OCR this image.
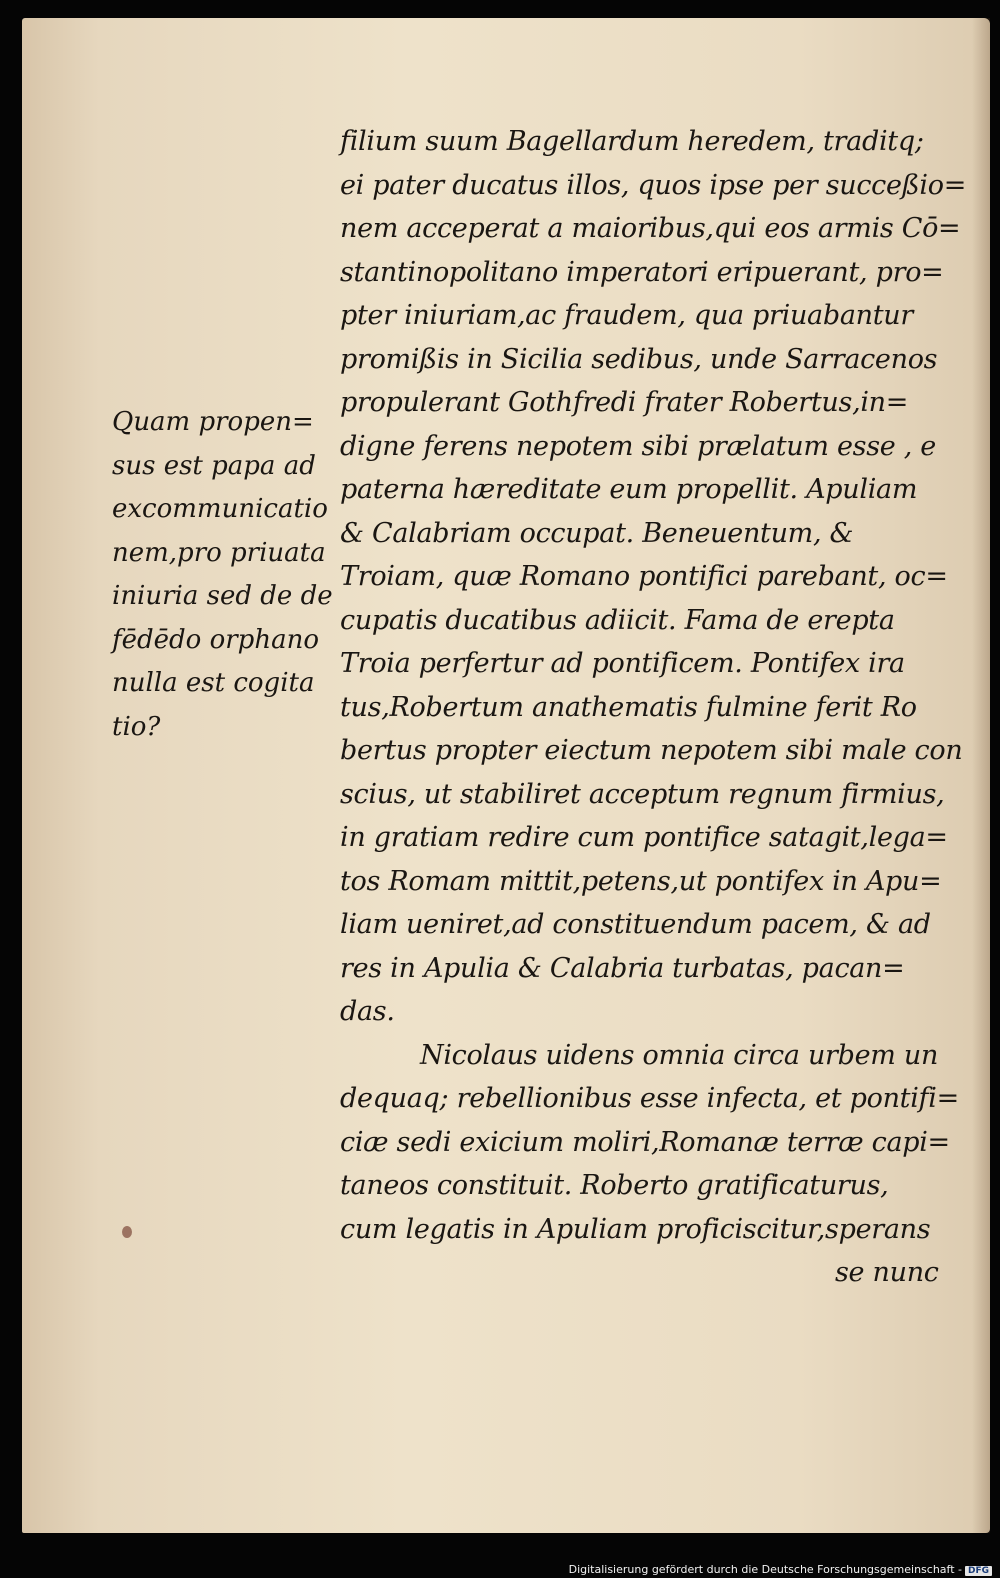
Quam propen=
sus est papa ad
excommunicatio
nem,pro priuata
iniuria sed de de
fēdēdo orphano
nulla est cogita
tio?
filium suum Bagellardum heredem, traditq;
ei pater ducatus illos, quos ipse per succeßio=
nem acceperat a maioribus,qui eos armis Cō=
stantinopolitano imperatori eripuerant, pro=
pter iniuriam,ac fraudem, qua priuabantur
promißis in Sicilia sedibus, unde Sarracenos
propulerant Gothfredi frater Robertus,in=
digne ferens nepotem sibi prælatum esse , e
paterna hæreditate eum propellit. Apuliam
& Calabriam occupat. Beneuentum, &
Troiam, quæ Romano pontifici parebant, oc=
cupatis ducatibus adiicit. Fama de erepta
Troia perfertur ad pontificem. Pontifex ira
tus,Robertum anathematis fulmine ferit Ro
bertus propter eiectum nepotem sibi male con
scius, ut stabiliret acceptum regnum firmius,
in gratiam redire cum pontifice satagit,lega=
tos Romam mittit,petens,ut pontifex in Apu=
liam ueniret,ad constituendum pacem, & ad
res in Apulia & Calabria turbatas, pacan=
das.
Nicolaus uidens omnia circa urbem un
dequaq; rebellionibus esse infecta, et pontifi=
ciæ sedi exicium moliri,Romanæ terræ capi=
taneos constituit. Roberto gratificaturus,
cum legatis in Apuliam proficiscitur,sperans
se nunc
Digitalisierung gefördert durch die Deutsche Forschungsgemeinschaft - DFG
